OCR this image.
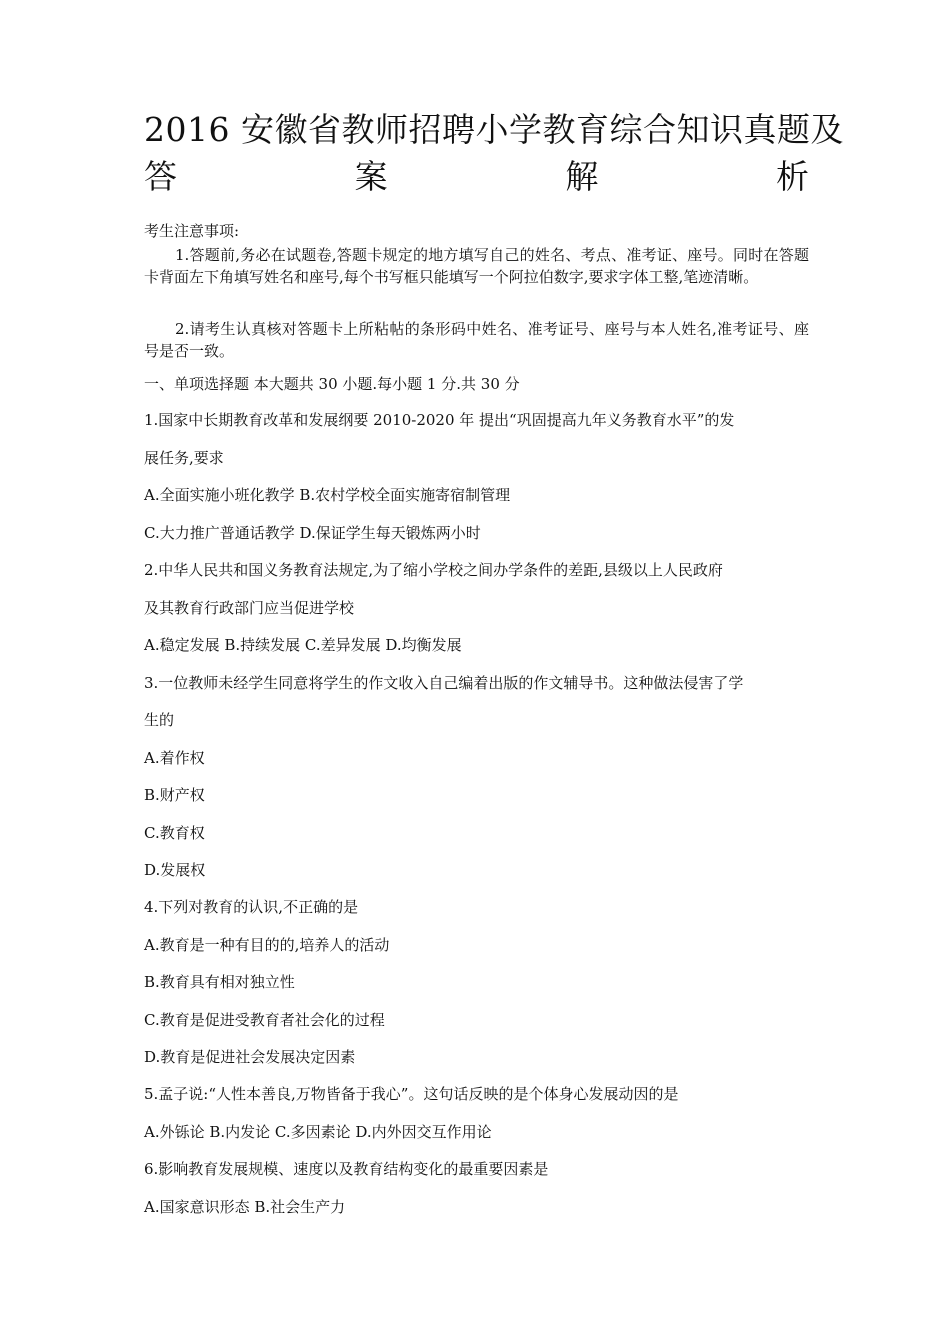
2016 安徽省教师招聘小学教育综合知识真题及
答	案	解	析
考生注意事项:
1.答题前,务必在试题卷,答题卡规定的地方填写自己的姓名、考点、准考证、座号。同时在答题卡背面左下角填写姓名和座号,每个书写框只能填写一个阿拉伯数字,要求字体工整,笔迹清晰。
2.请考生认真核对答题卡上所粘帖的条形码中姓名、准考证号、座号与本人姓名,准考证号、座号是否一致。
一、单项选择题 本大题共 30 小题.每小题 1 分.共 30 分
1.国家中长期教育改革和发展纲要 2010-2020 年 提出“巩固提高九年义务教育水平”的发
展任务,要求
A.全面实施小班化教学 B.农村学校全面实施寄宿制管理
C.大力推广普通话教学 D.保证学生每天锻炼两小时
2.中华人民共和国义务教育法规定,为了缩小学校之间办学条件的差距,县级以上人民政府
及其教育行政部门应当促进学校
A.稳定发展 B.持续发展 C.差异发展 D.均衡发展
3.一位教师未经学生同意将学生的作文收入自己编着出版的作文辅导书。这种做法侵害了学
生的
A.着作权
B.财产权
C.教育权
D.发展权
4.下列对教育的认识,不正确的是
A.教育是一种有目的的,培养人的活动
B.教育具有相对独立性
C.教育是促进受教育者社会化的过程
D.教育是促进社会发展决定因素
5.孟子说:“人性本善良,万物皆备于我心”。这句话反映的是个体身心发展动因的是
A.外铄论 B.内发论 C.多因素论 D.内外因交互作用论
6.影响教育发展规模、速度以及教育结构变化的最重要因素是
A.国家意识形态 B.社会生产力
